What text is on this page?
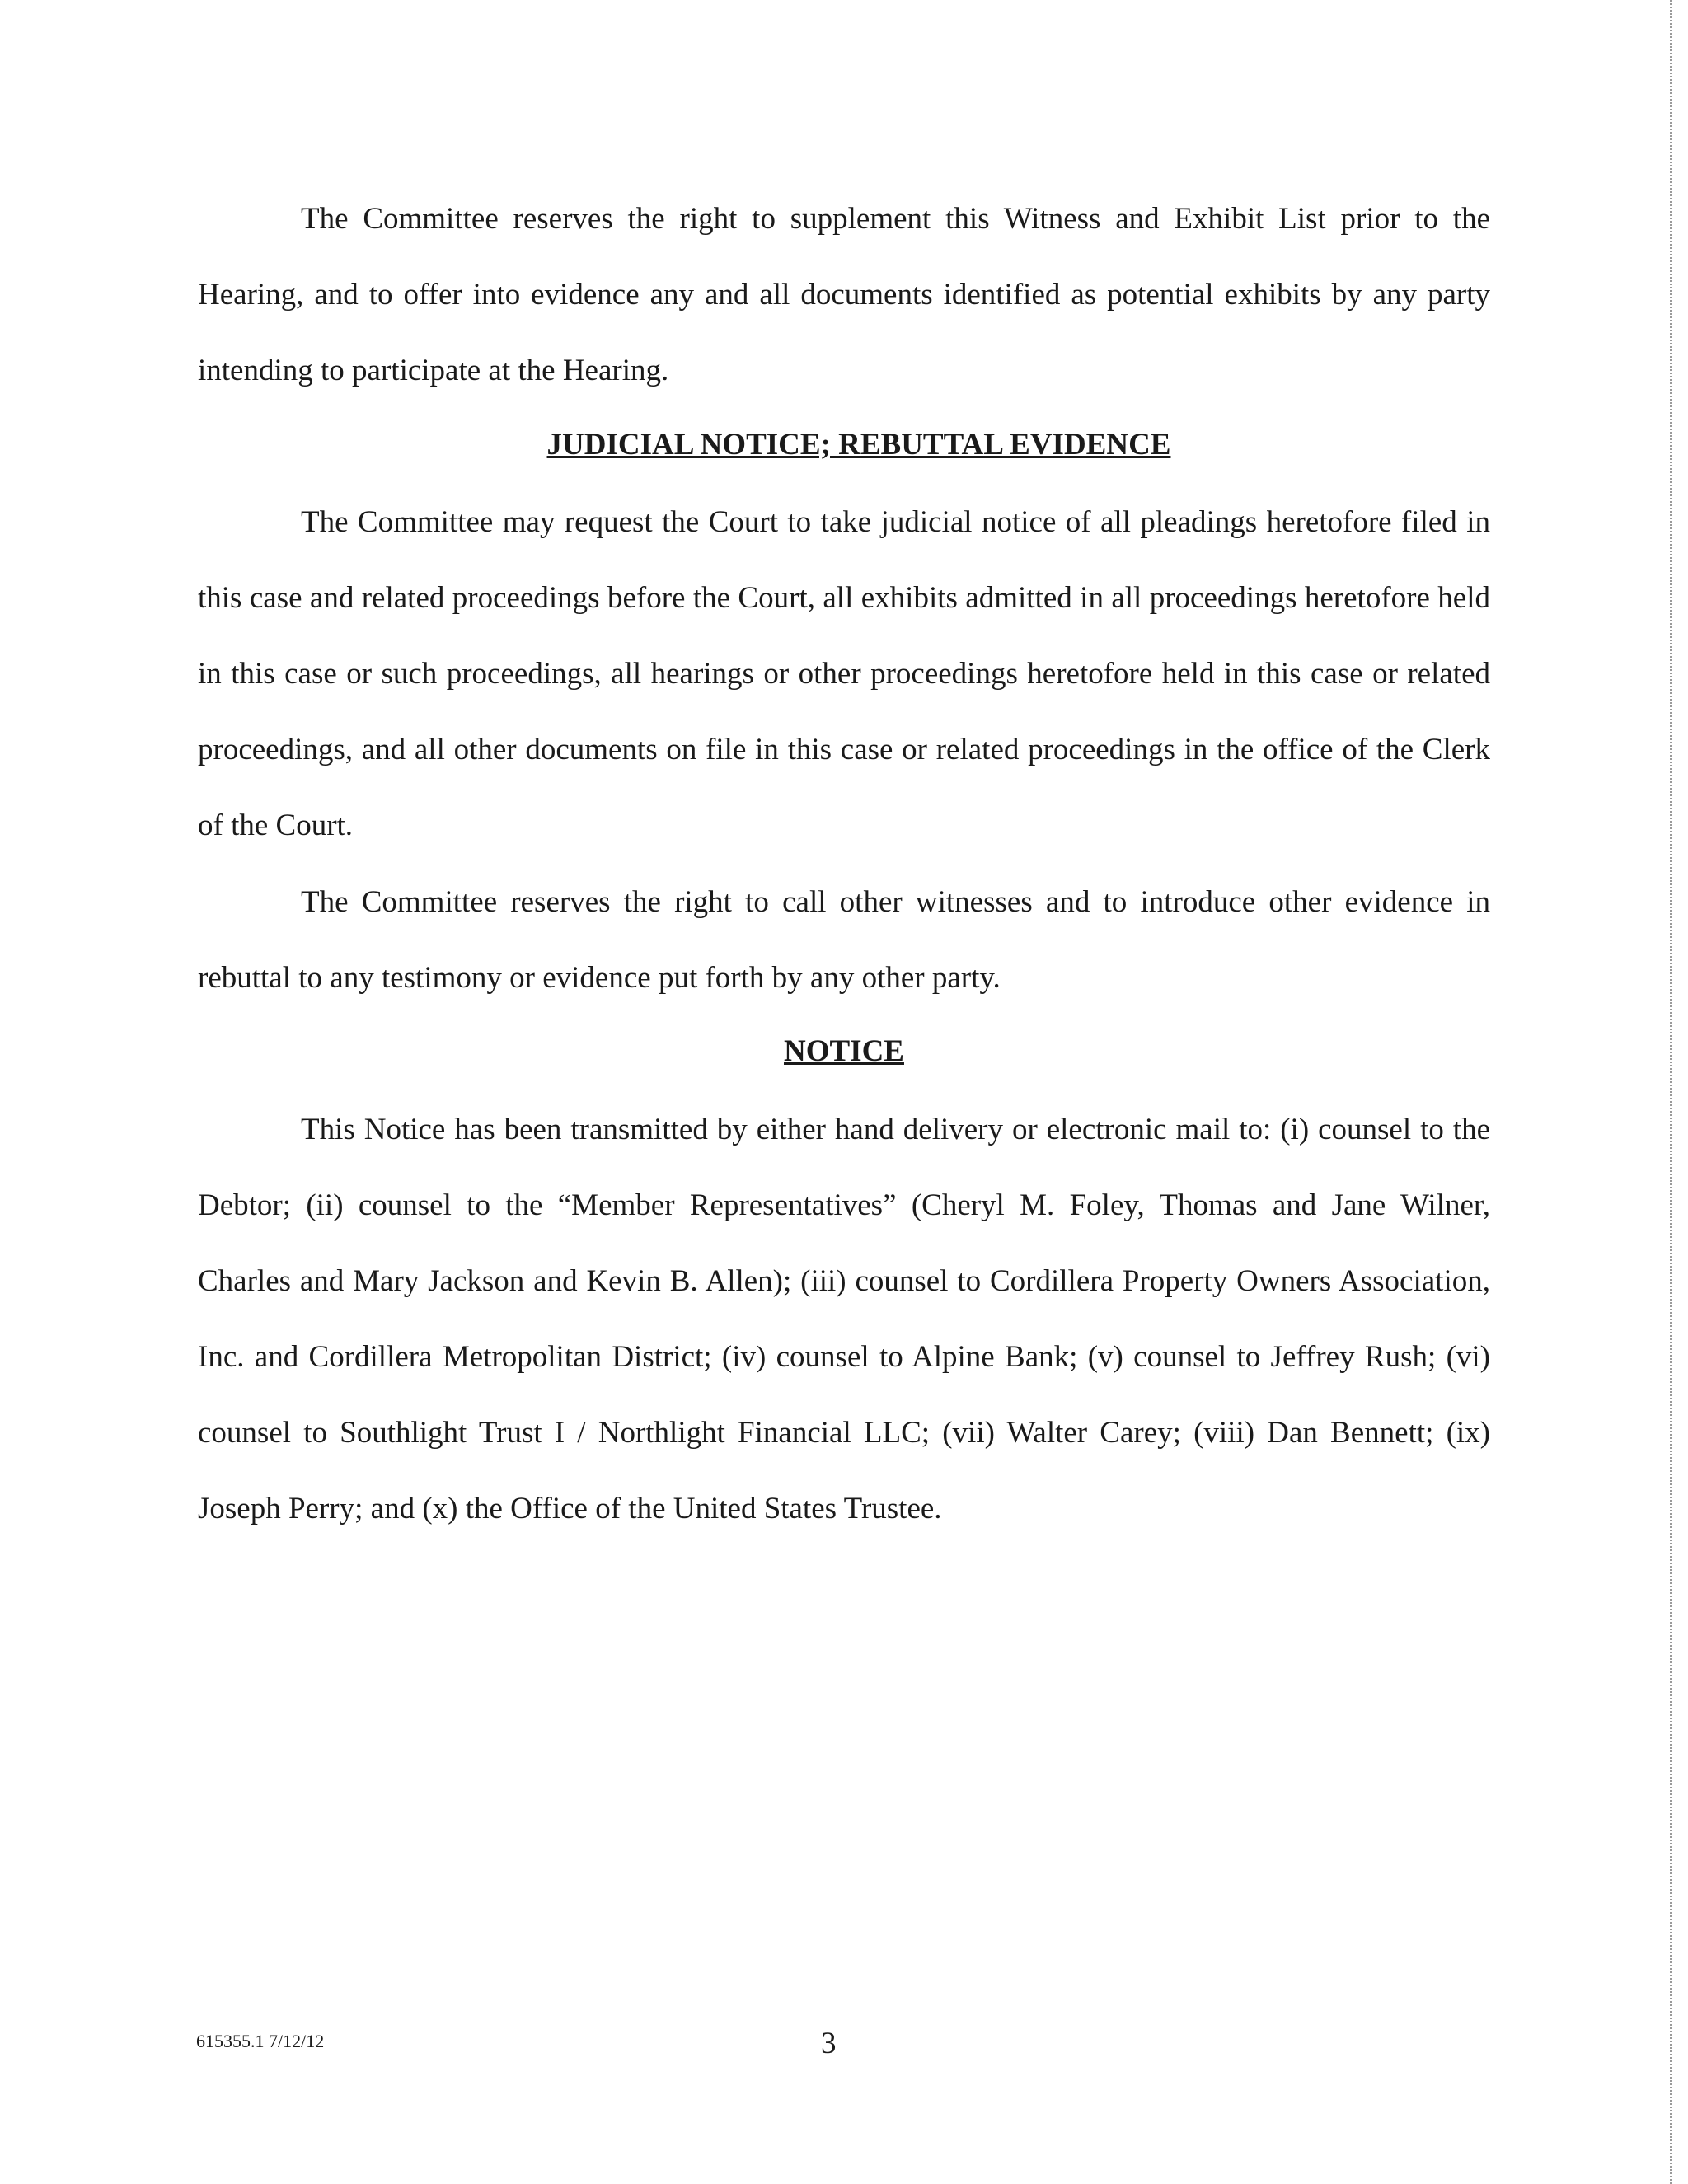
The Committee reserves the right to supplement this Witness and Exhibit List prior to the Hearing, and to offer into evidence any and all documents identified as potential exhibits by any party intending to participate at the Hearing.

JUDICIAL NOTICE; REBUTTAL EVIDENCE

The Committee may request the Court to take judicial notice of all pleadings heretofore filed in this case and related proceedings before the Court, all exhibits admitted in all proceedings heretofore held in this case or such proceedings, all hearings or other proceedings heretofore held in this case or related proceedings, and all other documents on file in this case or related proceedings in the office of the Clerk of the Court.

The Committee reserves the right to call other witnesses and to introduce other evidence in rebuttal to any testimony or evidence put forth by any other party.

NOTICE

This Notice has been transmitted by either hand delivery or electronic mail to: (i) counsel to the Debtor; (ii) counsel to the “Member Representatives” (Cheryl M. Foley, Thomas and Jane Wilner, Charles and Mary Jackson and Kevin B. Allen); (iii) counsel to Cordillera Property Owners Association, Inc. and Cordillera Metropolitan District; (iv) counsel to Alpine Bank; (v) counsel to Jeffrey Rush; (vi) counsel to Southlight Trust I / Northlight Financial LLC; (vii) Walter Carey; (viii) Dan Bennett; (ix) Joseph Perry; and (x) the Office of the United States Trustee.

615355.1 7/12/12	3
